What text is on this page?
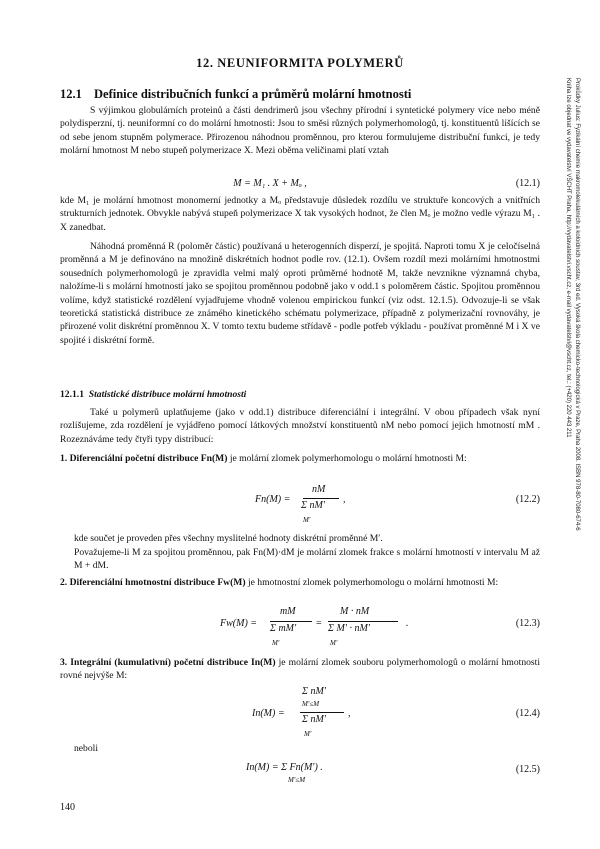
12. NEUNIFORMITA POLYMERŮ
12.1 Definice distribučních funkcí a průměrů molární hmotnosti

S výjimkou globulárních proteinů a části dendrimerů jsou všechny přírodní i syntetické polymery více nebo méně polydisperzní, tj. neuniformní co do molární hmotnosti: Jsou to směsi různých polymerhomologů, tj. konstituentů lišících se od sebe jenom stupněm polymerace. Přirozenou náhodnou proměnnou, pro kterou formulujeme distribuční funkci, je tedy molární hmotnost M nebo stupeň polymerizace X. Mezi oběma veličinami platí vztah

M = M₁ . X + Mₒ ,	(12.1)

kde M₁ je molární hmotnost monomerní jednotky a Mₒ představuje důsledek rozdílu ve struktuře koncových a vnitřních strukturních jednotek. Obvykle nabývá stupeň polymerizace X tak vysokých hodnot, že člen Mₒ je možno vedle výrazu M₁ . X zanedbat.

Náhodná proměnná R (poloměr částic) používaná u heterogenních disperzí, je spojitá. Naproti tomu X je celočíselná proměnná a M je definováno na množině diskrétních hodnot podle rov. (12.1). Ovšem rozdíl mezi molárními hmotnostmi sousedních polymerhomologů je zpravidla velmi malý oproti průměrné hodnotě M, takže nevzniknе významná chyba, naložíme-li s molární hmotností jako se spojitou proměnnou podobně jako v odd.1 s poloměrem částic. Spojitou proměnnou volíme, když statistické rozdělení vyjadřujeme vhodně volenou empirickou funkcí (viz odst. 12.1.5). Odvozuje-li se však teoretická statistická distribuce ze známého kinetického schématu polymerizace, případně z polymerizační rovnováhy, je přirozené volit diskrétní proměnnou X. V tomto textu budeme střídavě - podle potřeb výkladu - používat proměnné M i X ve spojité i diskrétní formě.

12.1.1 Statistické distribuce molární hmotnosti

Také u polymerů uplatňujeme (jako v odd.1) distribuce diferenciální i integrální. V obou případech však nyní rozlišujeme, zda rozdělení je vyjádřeno pomocí látkových množství konstituentů nM nebo pomocí jejich hmotností mM . Rozeznáváme tedy čtyři typy distribucí:

1. Diferenciální početní distribuce Fn(M) je molární zlomek polymerhomologu o molární hmotnosti M:
Fn(M) =
nM
Σ nM′
M′
,	(12.2)
kde součet je proveden přes všechny myslitelné hodnoty diskrétní proměnné M′.
Považujeme-li M za spojitou proměnnou, pak Fn(M)·dM je molární zlomek frakce s molární hmotností v intervalu M až M + dM.
2. Diferenciální hmotnostní distribuce Fw(M) je hmotnostní zlomek polymerhomologu o molární hmotnosti M:
Fw(M) =
mM
Σ mM′
M′
=
M · nM
Σ M′ · nM′
M′
.	(12.3)
3. Integrální (kumulativní) početní distribuce In(M) je molární zlomek souboru polymerhomologů o molární hmotnosti rovné nejvýše M:
In(M) =
Σ nM′
M′≤M
Σ nM′
M′
,	(12.4)
neboli
In(M) = Σ Fn(M′) .
M′≤M
(12.5)
140
Prokůdky Julius: Fyzikální chemie makromolekulárních a koloidních soustav, 3rd ed. Vysoká škola chemicko-technologická v Praze, Praha 2008. ISBN 978-80-7080-674-6
Kniha lze objednat ve vydavatelství VŠCHT Praha, http://vydavatelstvi.vscht.cz, e-mail vydavatelstvi@vscht.cz, tel.: (+420) 220 443 211
